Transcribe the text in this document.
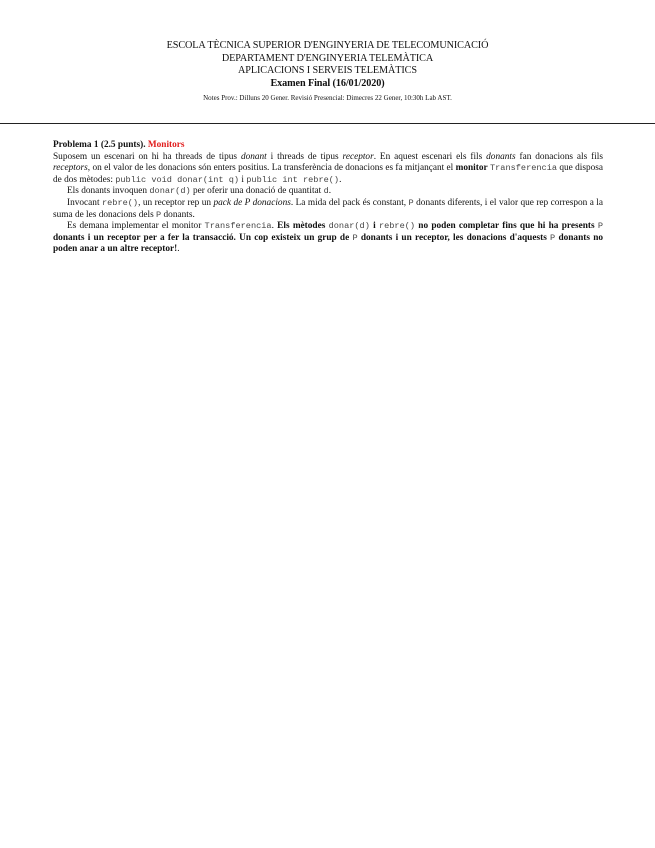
ESCOLA TÈCNICA SUPERIOR D'ENGINYERIA DE TELECOMUNICACIÓ
DEPARTAMENT D'ENGINYERIA TELEMÀTICA
APLICACIONS I SERVEIS TELEMÀTICS
Examen Final (16/01/2020)
Notes Prov.: Dilluns 20 Gener. Revisió Presencial: Dimecres 22 Gener, 10:30h Lab AST.

Problema 1 (2.5 punts). Monitors

Suposem un escenari on hi ha threads de tipus donant i threads de tipus receptor. En aquest escenari els fils donants fan donacions als fils receptors, on el valor de les donacions són enters positius. La transferència de donacions es fa mitjançant el monitor Transferencia que disposa de dos mètodes: public void donar(int q) i public int rebre().

Els donants invoquen donar(d) per oferir una donació de quantitat d.

Invocant rebre(), un receptor rep un pack de P donacions. La mida del pack és constant, P donants diferents, i el valor que rep correspon a la suma de les donacions dels P donants.

Es demana implementar el monitor Transferencia. Els mètodes donar(d) i rebre() no poden completar fins que hi ha presents P donants i un receptor per a fer la transacció. Un cop existeix un grup de P donants i un receptor, les donacions d'aquests P donants no poden anar a un altre receptor!.
